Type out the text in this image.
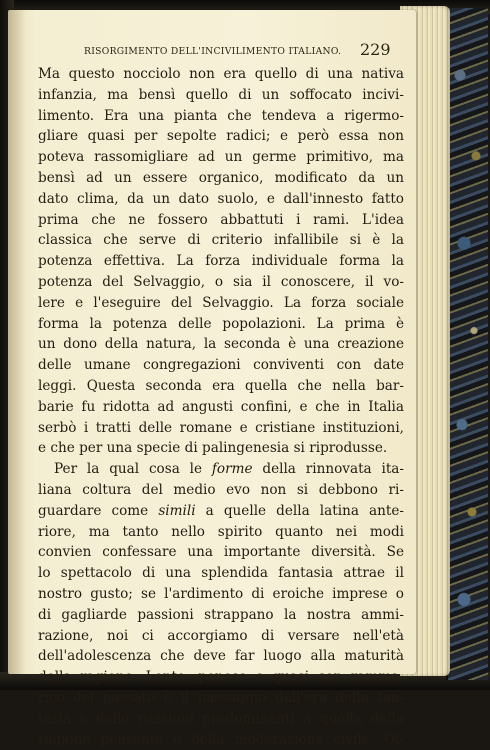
RISORGIMENTO DELL'INCIVILIMENTO ITALIANO. 229
Ma questo nocciolo non era quello di una nativa
infanzia, ma bensì quello di un soffocato incivi-
limento. Era una pianta che tendeva a rigermo-
gliare quasi per sepolte radici; e però essa non
poteva rassomigliare ad un germe primitivo, ma
bensì ad un essere organico, modificato da un
dato clima, da un dato suolo, e dall'innesto fatto
prima che ne fossero abbattuti i rami. L'idea
classica che serve di criterio infallibile si è la
potenza effettiva. La forza individuale forma la
potenza del Selvaggio, o sia il conoscere, il vo-
lere e l'eseguire del Selvaggio. La forza sociale
forma la potenza delle popolazioni. La prima è
un dono della natura, la seconda è una creazione
delle umane congregazioni conviventi con date
leggi. Questa seconda era quella che nella bar-
barie fu ridotta ad angusti confini, e che in Italia
serbò i tratti delle romane e cristiane instituzioni,
e che per una specie di palingenesia si riprodusse.
Per la qual cosa le forme della rinnovata ita-
liana coltura del medio evo non si debbono ri-
guardare come simili a quelle della latina ante-
riore, ma tanto nello spirito quanto nei modi
convien confessare una importante diversità. Se
lo spettacolo di una splendida fantasia attrae il
nostro gusto; se l'ardimento di eroiche imprese o
di gagliarde passioni strappano la nostra ammi-
razione, noi ci accorgiamo di versare nell'età
dell'adolescenza che deve far luogo alla maturità
della ragione. Lento, penoso e quasi con rammа-
rico del passato è il passaggio dall'era della fan-
tasia e delle passioni predominanti a quella della
ragione pensante e della moderazione civile. Ol-
